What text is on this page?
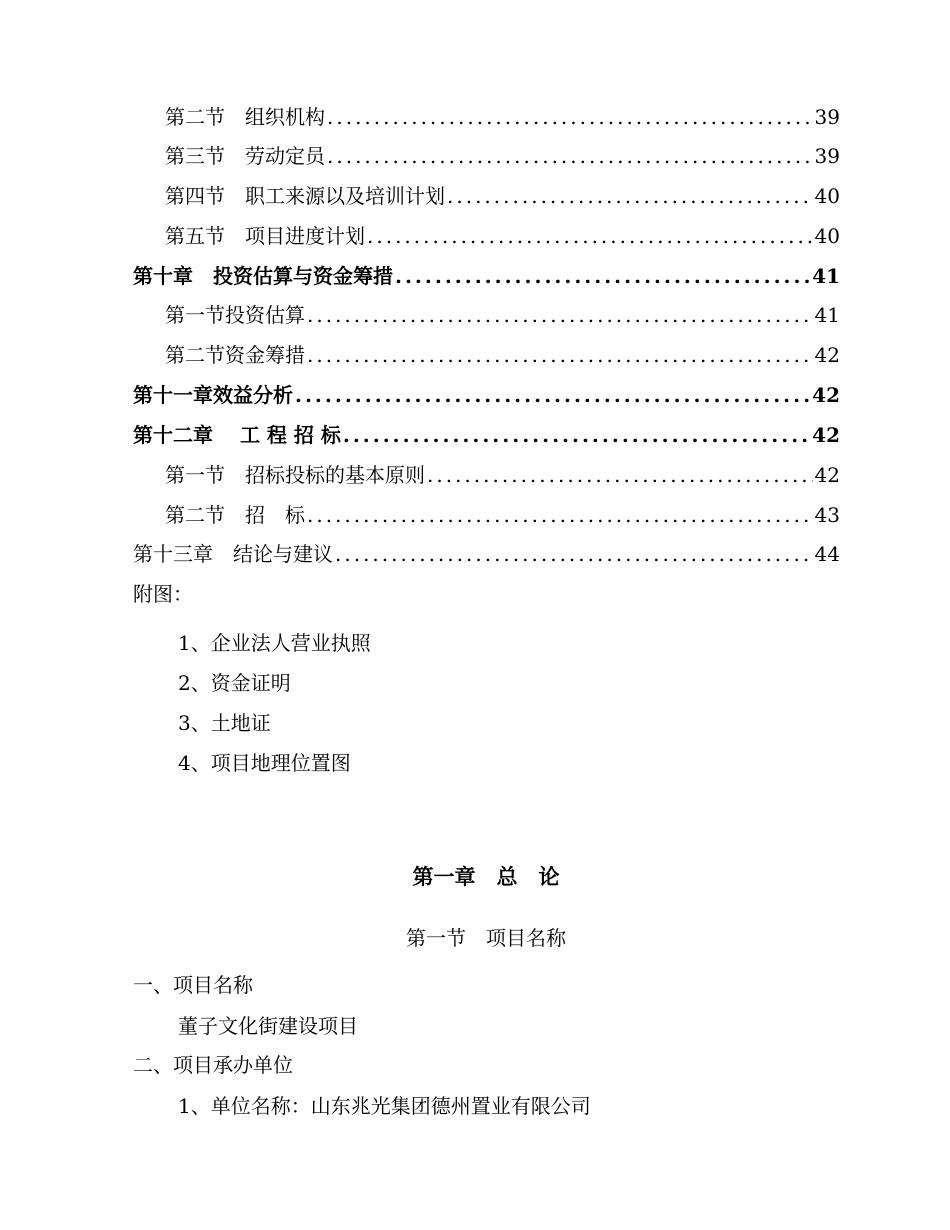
第二节　组织机构 .....	39
第三节　劳动定员 .....	39
第四节　职工来源以及培训计划 .....	40
第五节　项目进度计划 .....	40
第十章　投资估算与资金筹措 .....	41
第一节投资估算 .....	41
第二节资金筹措 .....	42
第十一章效益分析 .....	42
第十二章　 工 程 招 标 .....	42
第一节　招标投标的基本原则 .....	42
第二节　招　标 .....	43
第十三章　结论与建议 .....	44
附图：
1、企业法人营业执照
2、资金证明
3、土地证
4、项目地理位置图
第一章　总　论
第一节　项目名称
一、项目名称
董子文化街建设项目
二、项目承办单位
1、单位名称：山东兆光集团德州置业有限公司
